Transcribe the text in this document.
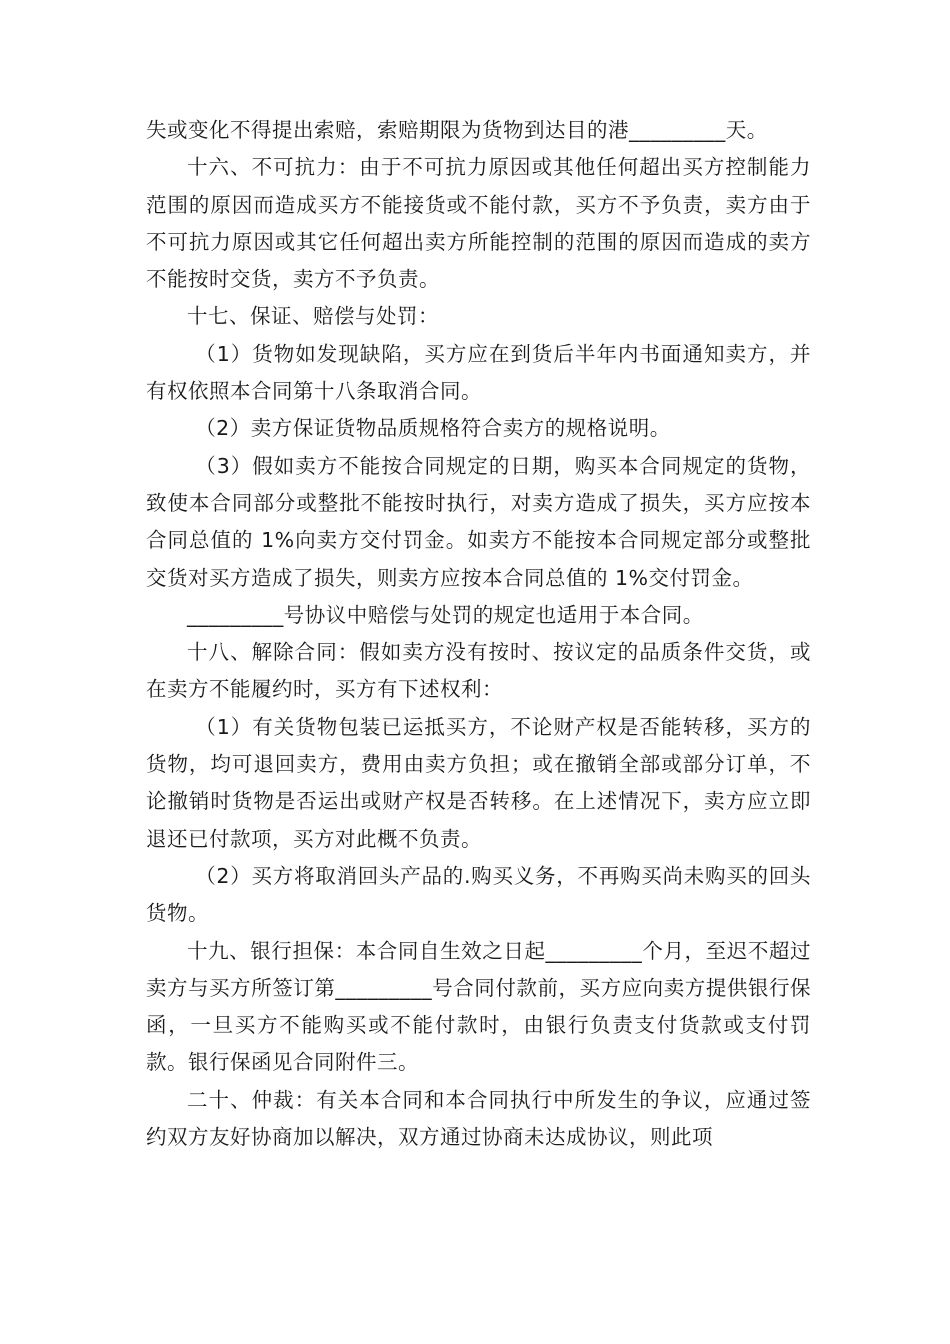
失或变化不得提出索赔，索赔期限为货物到达目的港_________天。

十六、不可抗力：由于不可抗力原因或其他任何超出买方控制能力范围的原因而造成买方不能接货或不能付款，买方不予负责，卖方由于不可抗力原因或其它任何超出卖方所能控制的范围的原因而造成的卖方不能按时交货，卖方不予负责。

十七、保证、赔偿与处罚：

（1）货物如发现缺陷，买方应在到货后半年内书面通知卖方，并有权依照本合同第十八条取消合同。

（2）卖方保证货物品质规格符合卖方的规格说明。

（3）假如卖方不能按合同规定的日期，购买本合同规定的货物，致使本合同部分或整批不能按时执行，对卖方造成了损失，买方应按本合同总值的 1%向卖方交付罚金。如卖方不能按本合同规定部分或整批交货对买方造成了损失，则卖方应按本合同总值的 1%交付罚金。

_________号协议中赔偿与处罚的规定也适用于本合同。

十八、解除合同：假如卖方没有按时、按议定的品质条件交货，或在卖方不能履约时，买方有下述权利：

（1）有关货物包装已运抵买方，不论财产权是否能转移，买方的货物，均可退回卖方，费用由卖方负担；或在撤销全部或部分订单，不论撤销时货物是否运出或财产权是否转移。在上述情况下，卖方应立即退还已付款项，买方对此概不负责。

（2）买方将取消回头产品的.购买义务，不再购买尚未购买的回头货物。

十九、银行担保：本合同自生效之日起_________个月，至迟不超过卖方与买方所签订第_________号合同付款前，买方应向卖方提供银行保函，一旦买方不能购买或不能付款时，由银行负责支付货款或支付罚款。银行保函见合同附件三。

二十、仲裁：有关本合同和本合同执行中所发生的争议，应通过签约双方友好协商加以解决，双方通过协商未达成协议，则此项
